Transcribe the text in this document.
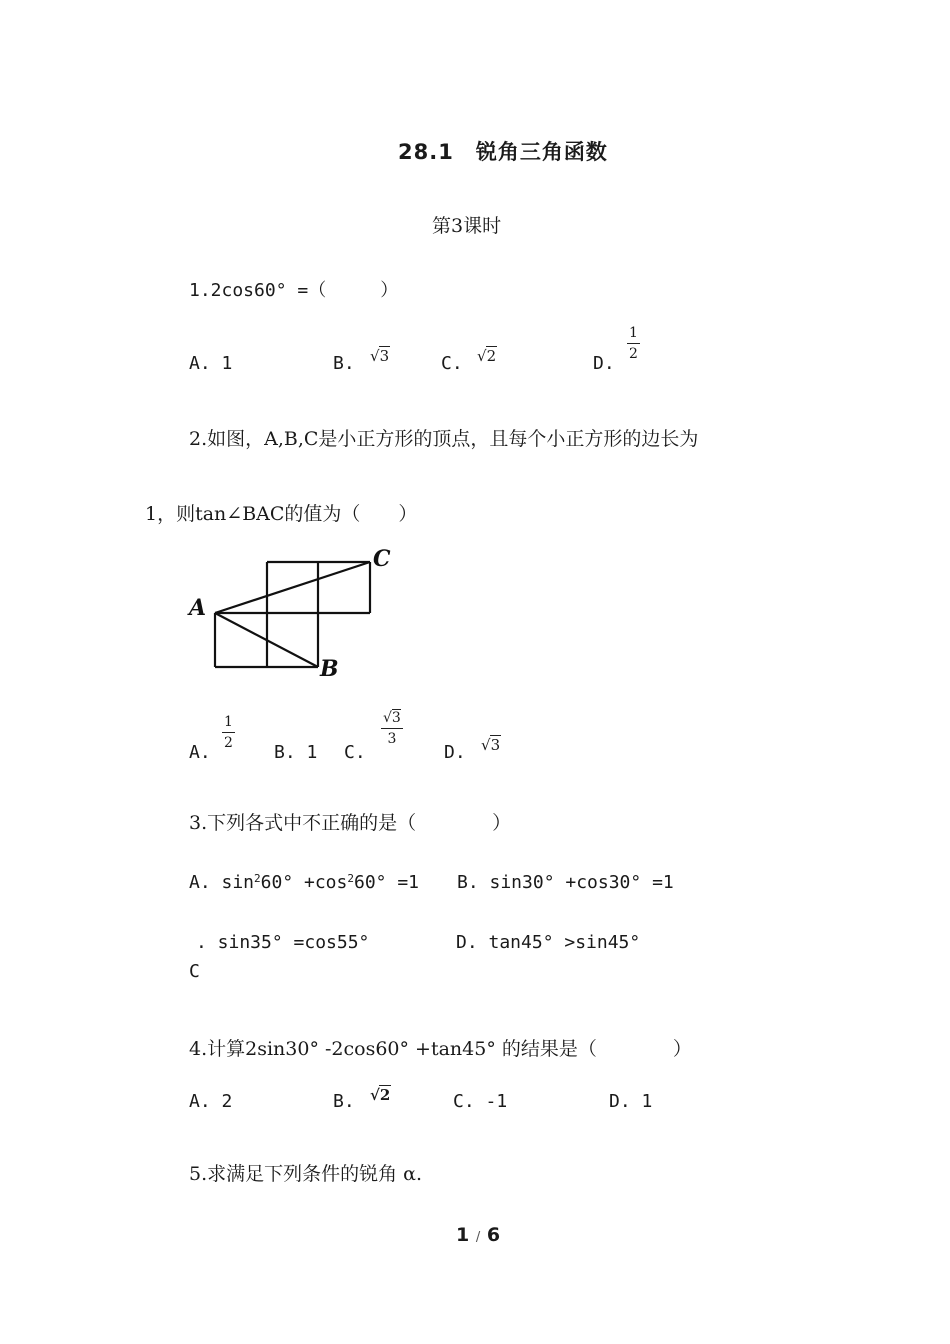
28.1　锐角三角函数
第3课时
1.2cos60° =（　　　）
A. 1	B. √3	C. √2	D.
1
2
2.如图，A,B,C是小正方形的顶点，且每个小正方形的边长为
1，则tan∠BAC的值为（　　）
A
B
C
A.
1
2 B. 1 C.
√3
3
D. √3
3.下列各式中不正确的是（　　　　）
A. $\sin^260^\circ +\cos^260^\circ =1$ B. sin30° +cos30° =1
. sin35° =cos55°
C
D. tan45° >sin45°
4.计算2sin30° -2cos60° +tan45° 的结果是（　　　　）
A. 2	B. √2	C. -1	D. 1
5.求满足下列条件的锐角 α.
1 / 6
